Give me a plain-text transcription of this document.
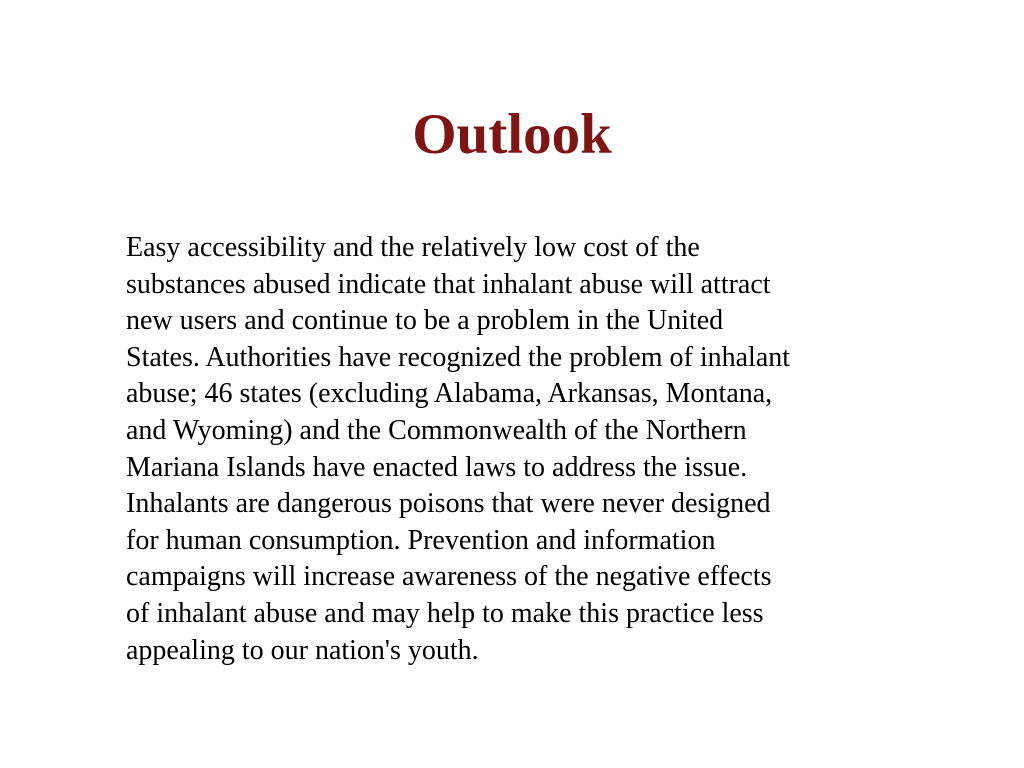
Outlook
Easy accessibility and the relatively low cost of the
substances abused indicate that inhalant abuse will attract
new users and continue to be a problem in the United
States. Authorities have recognized the problem of inhalant
abuse; 46 states (excluding Alabama, Arkansas, Montana,
and Wyoming) and the Commonwealth of the Northern
Mariana Islands have enacted laws to address the issue.
Inhalants are dangerous poisons that were never designed
for human consumption. Prevention and information
campaigns will increase awareness of the negative effects
of inhalant abuse and may help to make this practice less
appealing to our nation's youth.
